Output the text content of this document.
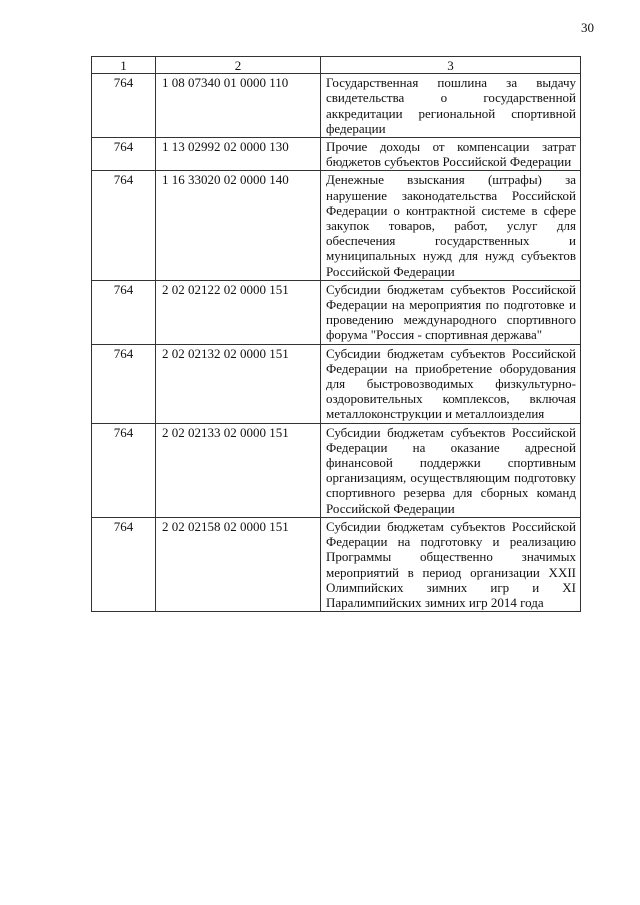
30
1	2	3
764	1 08 07340 01 0000 110	Государственная пошлина за выдачу свидетельства о государственной аккредитации региональной спортивной федерации
764	1 13 02992 02 0000 130	Прочие доходы от компенсации затрат бюджетов субъектов Российской Федерации
764	1 16 33020 02 0000 140	Денежные взыскания (штрафы) за нарушение законодательства Российской Федерации о контрактной системе в сфере закупок товаров, работ, услуг для обеспечения государственных и муниципальных нужд для нужд субъектов Российской Федерации
764	2 02 02122 02 0000 151	Субсидии бюджетам субъектов Российской Федерации на мероприятия по подготовке и проведению международного спортивного форума "Россия - спортивная держава"
764	2 02 02132 02 0000 151	Субсидии бюджетам субъектов Российской Федерации на приобретение оборудования для быстровозводимых физкультурно-оздоровительных комплексов, включая металлоконструкции и металлоизделия
764	2 02 02133 02 0000 151	Субсидии бюджетам субъектов Российской Федерации на оказание адресной финансовой поддержки спортивным организациям, осуществляющим подготовку спортивного резерва для сборных команд Российской Федерации
764	2 02 02158 02 0000 151	Субсидии бюджетам субъектов Российской Федерации на подготовку и реализацию Программы общественно значимых мероприятий в период организации XXII Олимпийских зимних игр и XI Паралимпийских зимних игр 2014 года
